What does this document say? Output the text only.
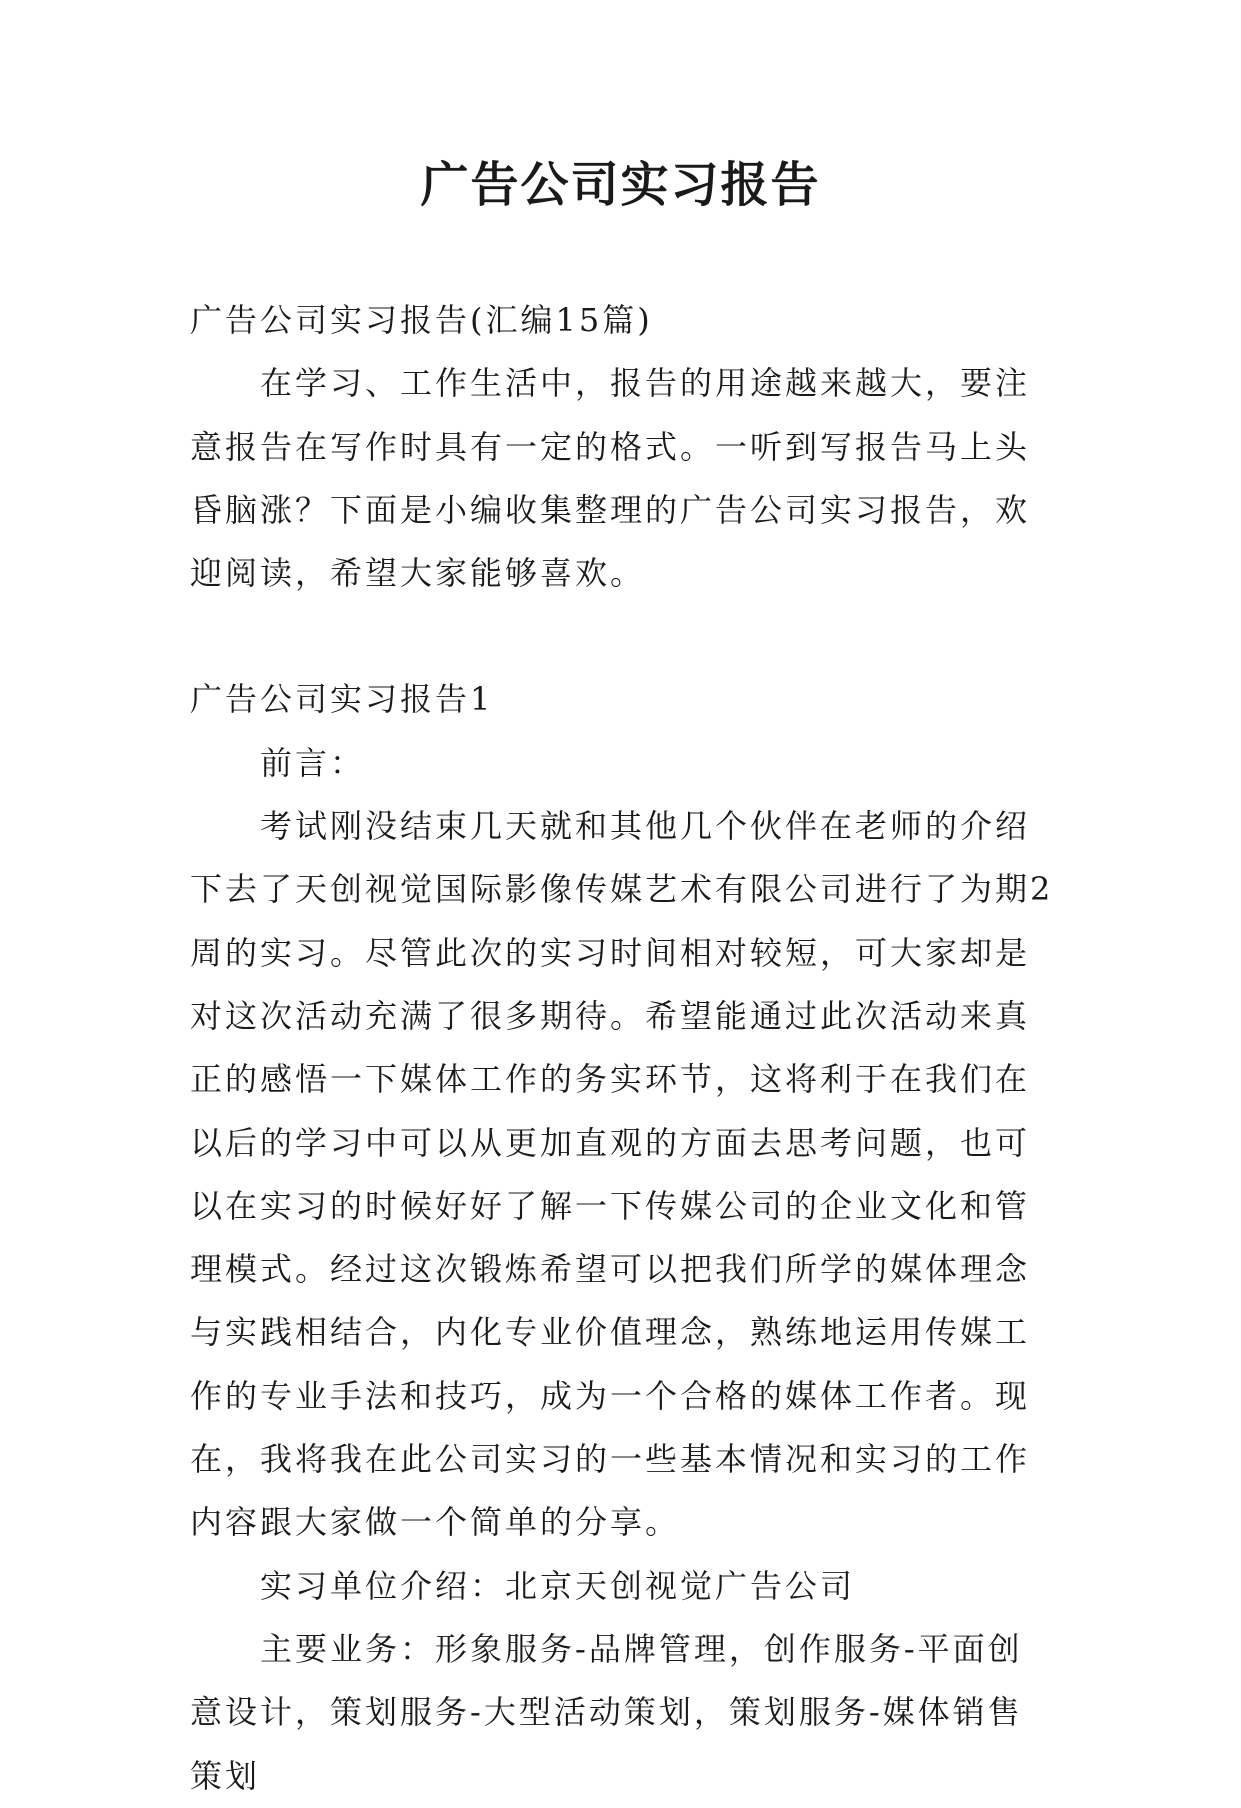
广告公司实习报告

广告公司实习报告(汇编15篇)

在学习、工作生活中，报告的用途越来越大，要注意报告在写作时具有一定的格式。一听到写报告马上头昏脑涨？下面是小编收集整理的广告公司实习报告，欢迎阅读，希望大家能够喜欢。

广告公司实习报告1

前言：

考试刚没结束几天就和其他几个伙伴在老师的介绍下去了天创视觉国际影像传媒艺术有限公司进行了为期2周的实习。尽管此次的实习时间相对较短，可大家却是对这次活动充满了很多期待。希望能通过此次活动来真正的感悟一下媒体工作的务实环节，这将利于在我们在以后的学习中可以从更加直观的方面去思考问题，也可以在实习的时候好好了解一下传媒公司的企业文化和管理模式。经过这次锻炼希望可以把我们所学的媒体理念与实践相结合，内化专业价值理念，熟练地运用传媒工作的专业手法和技巧，成为一个合格的媒体工作者。现在，我将我在此公司实习的一些基本情况和实习的工作内容跟大家做一个简单的分享。

实习单位介绍：北京天创视觉广告公司

主要业务：形象服务-品牌管理，创作服务-平面创意设计，策划服务-大型活动策划，策划服务-媒体销售策划
